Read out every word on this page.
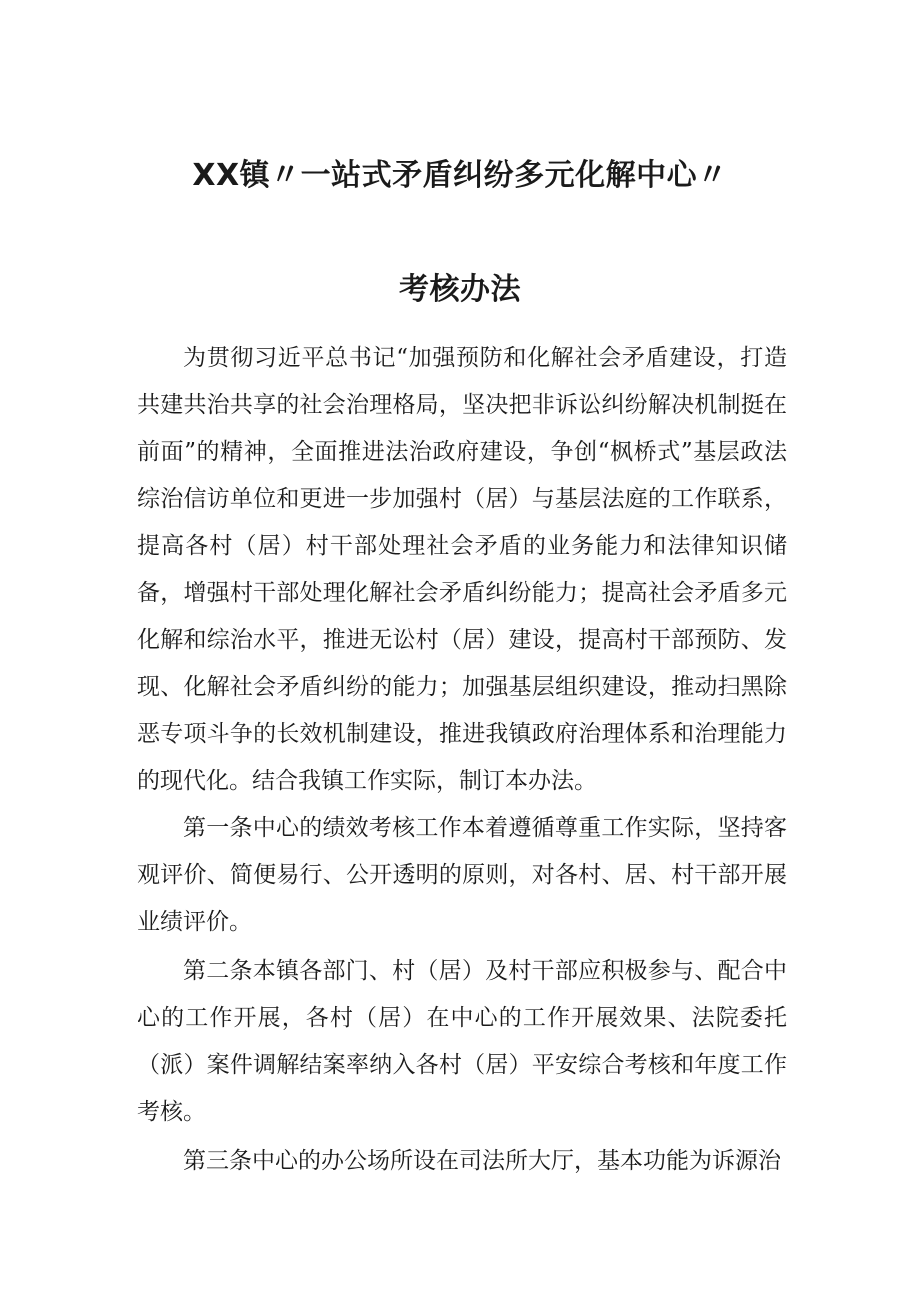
XX镇〃一站式矛盾纠纷多元化解中心〃
考核办法

为贯彻习近平总书记“加强预防和化解社会矛盾建设，打造共建共治共享的社会治理格局，坚决把非诉讼纠纷解决机制挺在前面”的精神，全面推进法治政府建设，争创“枫桥式”基层政法综治信访单位和更进一步加强村（居）与基层法庭的工作联系，提高各村（居）村干部处理社会矛盾的业务能力和法律知识储备，增强村干部处理化解社会矛盾纠纷能力；提高社会矛盾多元化解和综治水平，推进无讼村（居）建设，提高村干部预防、发现、化解社会矛盾纠纷的能力；加强基层组织建设，推动扫黑除恶专项斗争的长效机制建设，推进我镇政府治理体系和治理能力的现代化。结合我镇工作实际，制订本办法。

第一条中心的绩效考核工作本着遵循尊重工作实际，坚持客观评价、简便易行、公开透明的原则，对各村、居、村干部开展业绩评价。

第二条本镇各部门、村（居）及村干部应积极参与、配合中心的工作开展，各村（居）在中心的工作开展效果、法院委托（派）案件调解结案率纳入各村（居）平安综合考核和年度工作考核。

第三条中心的办公场所设在司法所大厅，基本功能为诉源治
